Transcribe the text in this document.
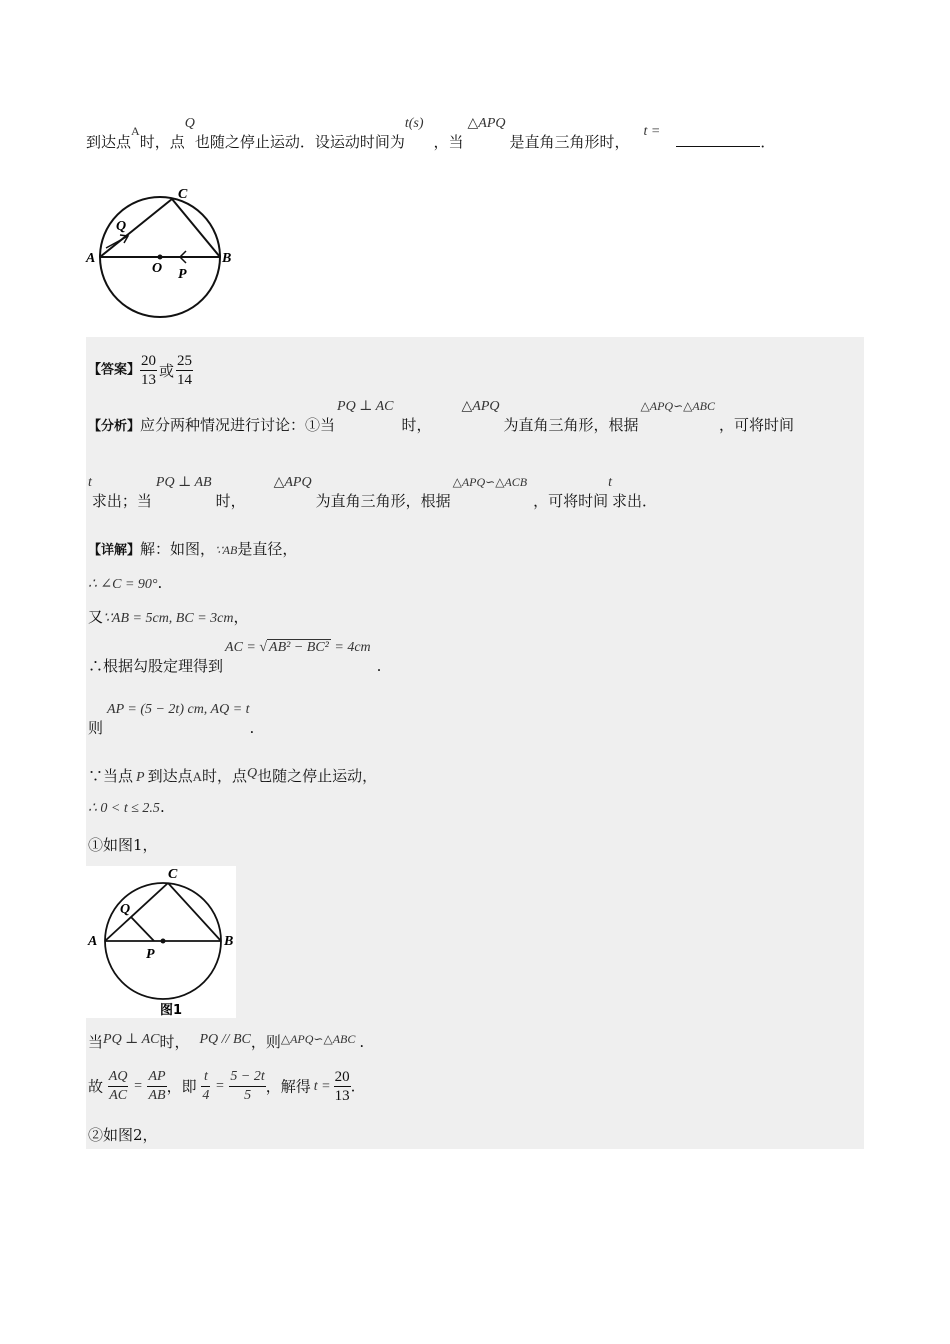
到达点$^A$时，点Q也随之停止运动．设运动时间为t(s)，当△APQ是直角三角形时，t =．
C
Q
A
O P
B
【答案】 $\frac{20}{13}$ 或 $\frac{25}{14}$
【分析】应分两种情况进行讨论：①当PQ ⊥ AC时，△APQ为直角三角形，根据$^{\triangle APQ∽\triangle ABC}$，可将时间
t求出；当PQ ⊥ AB时，△APQ为直角三角形，根据$^{\triangle APQ∽\triangle ACB}$，可将时间t求出．
【详解】解：如图，∵AB是直径，
∴ ∠C = 90°.
又∵AB = 5cm, BC = 3cm，
∴根据勾股定理得到AC = √ AB² − BC² = 4cm.
则AP = (5 − 2t) cm, AQ = t.
∵当点 P 到达点A时，点Q也随之停止运动，
∴ 0 < t ≤ 2.5.
①如图1，
C
Q
A
P
B
图1
当PQ ⊥ AC时， PQ // BC，则$^{\triangle APQ∽\triangle ABC}$ .
故 $\frac{AQ}{AC} = \frac{AP}{AB}$ ，即 $\frac{t}{4} = \frac{5 - 2t}{5}$ ，解得 $t = \frac{20}{13}$ .
②如图2，
